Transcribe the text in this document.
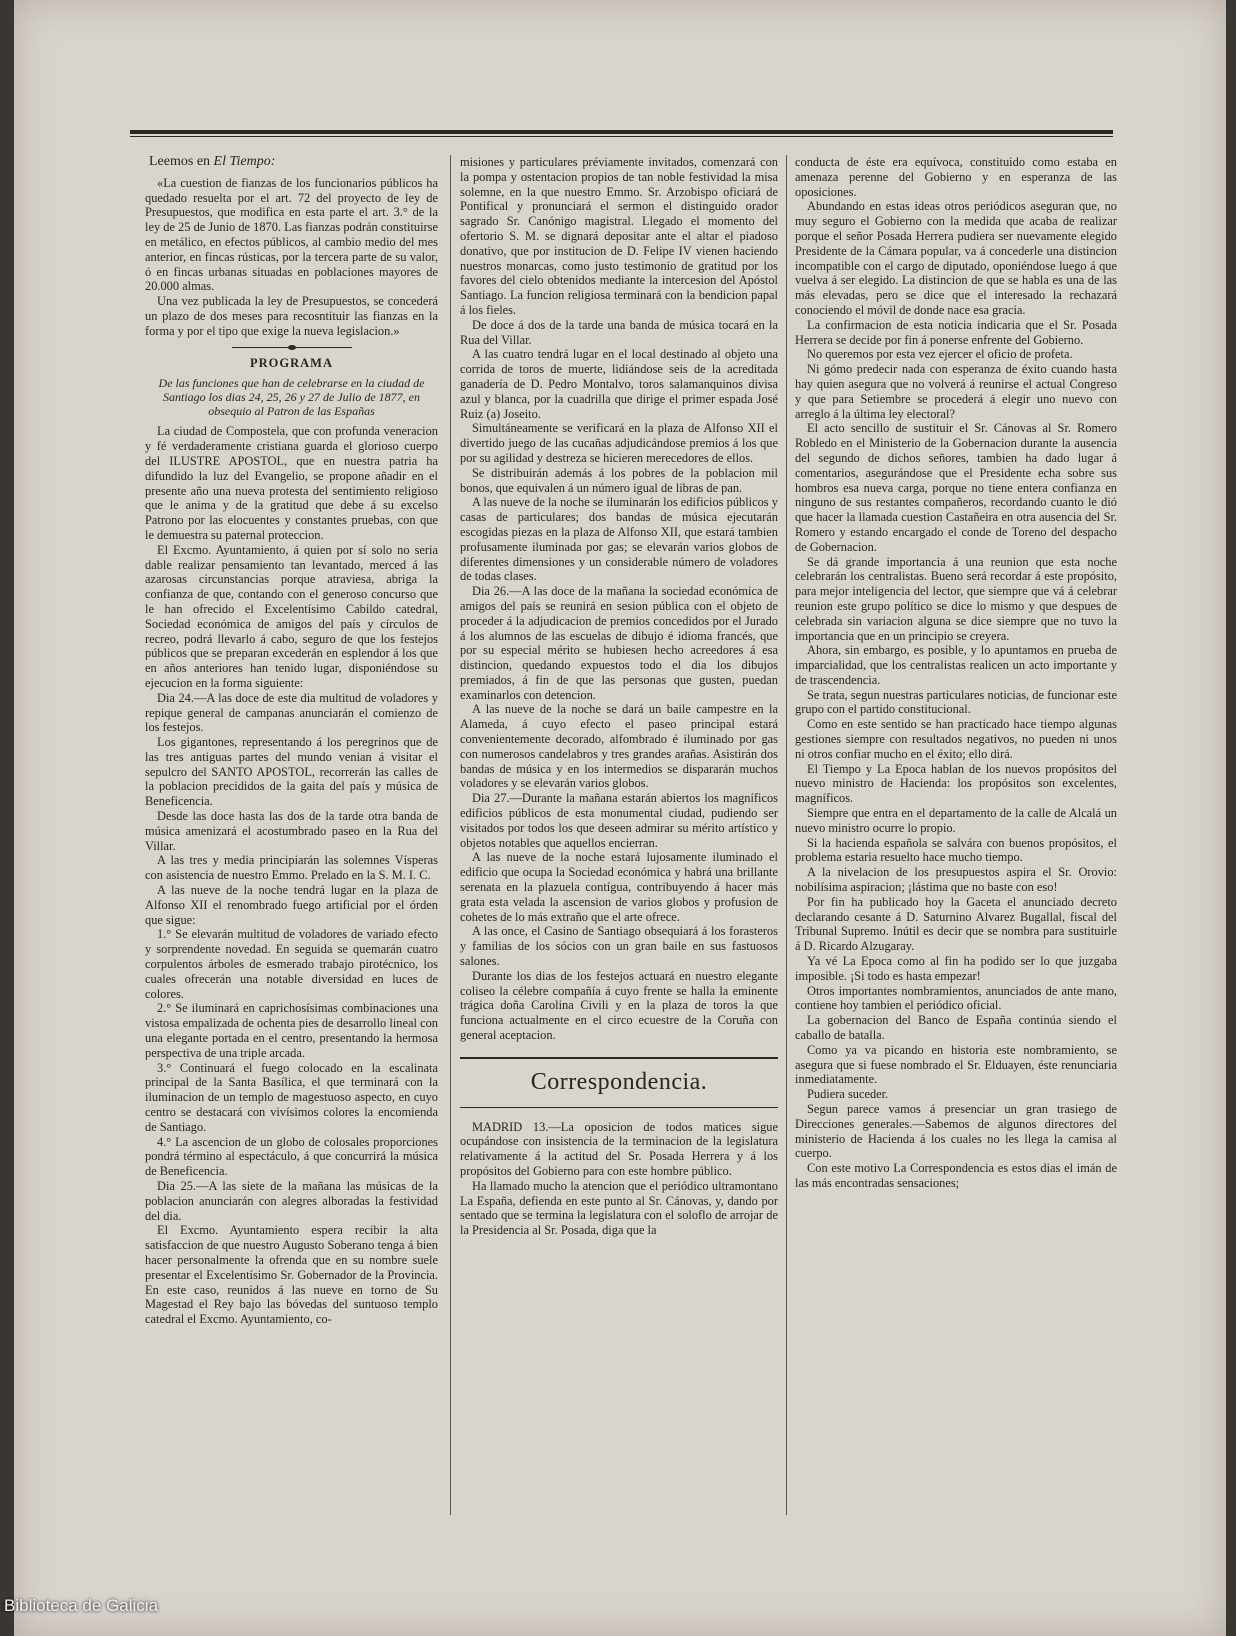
Leemos en El Tiempo:

«La cuestion de fianzas de los funcionarios públicos ha quedado resuelta por el art. 72 del proyecto de ley de Presupuestos, que modifica en esta parte el art. 3.° de la ley de 25 de Junio de 1870. Las fianzas podrán constituirse en metálico, en efectos públicos, al cambio medio del mes anterior, en fincas rústicas, por la tercera parte de su valor, ó en fincas urbanas situadas en poblaciones mayores de 20.000 almas.

Una vez publicada la ley de Presupuestos, se concederá un plazo de dos meses para recosntituir las fianzas en la forma y por el tipo que exige la nueva legislacion.»

PROGRAMA

De las funciones que han de celebrarse en la ciudad de Santiago los dias 24, 25, 26 y 27 de Julio de 1877, en obsequio al Patron de las Españas

La ciudad de Compostela, que con profunda veneracion y fé verdaderamente cristiana guarda el glorioso cuerpo del ILUSTRE APOSTOL, que en nuestra patria ha difundido la luz del Evangelio, se propone añadir en el presente año una nueva protesta del sentimiento religioso que le anima y de la gratitud que debe á su excelso Patrono por las elocuentes y constantes pruebas, con que le demuestra su paternal proteccion.

El Excmo. Ayuntamiento, á quien por sí solo no seria dable realizar pensamiento tan levantado, merced á las azarosas circunstancias porque atraviesa, abriga la confianza de que, contando con el generoso concurso que le han ofrecido el Excelentísimo Cabildo catedral, Sociedad económica de amigos del país y círculos de recreo, podrá llevarlo á cabo, seguro de que los festejos públicos que se preparan excederán en esplendor á los que en años anteriores han tenido lugar, disponiéndose su ejecucion en la forma siguiente:

Dia 24.—A las doce de este dia multitud de voladores y repique general de campanas anunciarán el comienzo de los festejos.

Los gigantones, representando á los peregrinos que de las tres antiguas partes del mundo venian á visitar el sepulcro del SANTO APOSTOL, recorrerán las calles de la poblacion precididos de la gaita del país y música de Beneficencia.

Desde las doce hasta las dos de la tarde otra banda de música amenizará el acostumbrado paseo en la Rua del Villar.

A las tres y media principiarán las solemnes Vísperas con asistencia de nuestro Emmo. Prelado en la S. M. I. C.

A las nueve de la noche tendrá lugar en la plaza de Alfonso XII el renombrado fuego artificial por el órden que sigue:

1.° Se elevarán multitud de voladores de variado efecto y sorprendente novedad. En seguida se quemarán cuatro corpulentos árboles de esmerado trabajo pirotécnico, los cuales ofrecerán una notable diversidad en luces de colores.

2.° Se iluminará en caprichosísimas combinaciones una vistosa empalizada de ochenta pies de desarrollo lineal con una elegante portada en el centro, presentando la hermosa perspectiva de una triple arcada.

3.° Continuará el fuego colocado en la escalinata principal de la Santa Basílica, el que terminará con la iluminacion de un templo de magestuoso aspecto, en cuyo centro se destacará con vivísimos colores la encomienda de Santiago.

4.° La ascencion de un globo de colosales proporciones pondrá término al espectáculo, á que concurrirá la música de Beneficencia.

Dia 25.—A las siete de la mañana las músicas de la poblacion anunciarán con alegres alboradas la festividad del dia.

El Excmo. Ayuntamiento espera recibir la alta satisfaccion de que nuestro Augusto Soberano tenga á bien hacer personalmente la ofrenda que en su nombre suele presentar el Excelentísimo Sr. Gobernador de la Provincia. En este caso, reunidos á las nueve en torno de Su Magestad el Rey bajo las bóvedas del suntuoso templo catedral el Excmo. Ayuntamiento, co-

misiones y particulares préviamente invitados, comenzará con la pompa y ostentacion propios de tan noble festividad la misa solemne, en la que nuestro Emmo. Sr. Arzobispo oficiará de Pontifical y pronunciará el sermon el distinguido orador sagrado Sr. Canónigo magistral. Llegado el momento del ofertorio S. M. se dignará depositar ante el altar el piadoso donativo, que por institucion de D. Felipe IV vienen haciendo nuestros monarcas, como justo testimonio de gratitud por los favores del cielo obtenidos mediante la intercesion del Apóstol Santiago. La funcion religiosa terminará con la bendicion papal á los fieles.

De doce á dos de la tarde una banda de música tocará en la Rua del Villar.

A las cuatro tendrá lugar en el local destinado al objeto una corrida de toros de muerte, lidiándose seis de la acreditada ganadería de D. Pedro Montalvo, toros salamanquinos divisa azul y blanca, por la cuadrilla que dirige el primer espada José Ruiz (a) Joseito.

Simultáneamente se verificará en la plaza de Alfonso XII el divertido juego de las cucañas adjudicándose premios á los que por su agilidad y destreza se hicieren merecedores de ellos.

Se distribuirán además á los pobres de la poblacion mil bonos, que equivalen á un número igual de libras de pan.

A las nueve de la noche se iluminarán los edificios públicos y casas de particulares; dos bandas de música ejecutarán escogidas piezas en la plaza de Alfonso XII, que estará tambien profusamente iluminada por gas; se elevarán varios globos de diferentes dimensiones y un considerable número de voladores de todas clases.

Dia 26.—A las doce de la mañana la sociedad económica de amigos del país se reunirá en sesion pública con el objeto de proceder á la adjudicacion de premios concedidos por el Jurado á los alumnos de las escuelas de dibujo é idioma francés, que por su especial mérito se hubiesen hecho acreedores á esa distincion, quedando expuestos todo el dia los dibujos premiados, á fin de que las personas que gusten, puedan examinarlos con detencion.

A las nueve de la noche se dará un baile campestre en la Alameda, á cuyo efecto el paseo principal estará convenientemente decorado, alfombrado é iluminado por gas con numerosos candelabros y tres grandes arañas. Asistirán dos bandas de música y en los intermedios se dispararán muchos voladores y se elevarán varios globos.

Dia 27.—Durante la mañana estarán abiertos los magníficos edificios públicos de esta monumental ciudad, pudiendo ser visitados por todos los que deseen admirar su mérito artístico y objetos notables que aquellos encierran.

A las nueve de la noche estará lujosamente iluminado el edificio que ocupa la Sociedad económica y habrá una brillante serenata en la plazuela contígua, contribuyendo á hacer más grata esta velada la ascension de varios globos y profusion de cohetes de lo más extraño que el arte ofrece.

A las once, el Casino de Santiago obsequiará á los forasteros y familias de los sócios con un gran baile en sus fastuosos salones.

Durante los dias de los festejos actuará en nuestro elegante coliseo la célebre compañía á cuyo frente se halla la eminente trágica doña Carolina Civili y en la plaza de toros la que funciona actualmente en el circo ecuestre de la Coruña con general aceptacion.

Correspondencia.

MADRID 13.—La oposicion de todos matices sigue ocupándose con insistencia de la terminacion de la legislatura relativamente á la actitud del Sr. Posada Herrera y á los propósitos del Gobierno para con este hombre público.

Ha llamado mucho la atencion que el periódico ultramontano La España, defienda en este punto al Sr. Cánovas, y, dando por sentado que se termina la legislatura con el soloflo de arrojar de la Presidencia al Sr. Posada, diga que la

conducta de éste era equívoca, constituido como estaba en amenaza perenne del Gobierno y en esperanza de las oposiciones.

Abundando en estas ideas otros periódicos aseguran que, no muy seguro el Gobierno con la medida que acaba de realizar porque el señor Posada Herrera pudiera ser nuevamente elegido Presidente de la Cámara popular, va á concederle una distincion incompatible con el cargo de diputado, oponiéndose luego á que vuelva á ser elegido. La distincion de que se habla es una de las más elevadas, pero se dice que el interesado la rechazará conociendo el móvil de donde nace esa gracia.

La confirmacion de esta noticia indicaria que el Sr. Posada Herrera se decide por fin á ponerse enfrente del Gobierno.

No queremos por esta vez ejercer el oficio de profeta.

Ni gómo predecir nada con esperanza de éxito cuando hasta hay quien asegura que no volverá á reunirse el actual Congreso y que para Setiembre se procederá á elegir uno nuevo con arreglo á la última ley electoral?

El acto sencillo de sustituir el Sr. Cánovas al Sr. Romero Robledo en el Ministerio de la Gobernacion durante la ausencia del segundo de dichos señores, tambien ha dado lugar á comentarios, asegurándose que el Presidente echa sobre sus hombros esa nueva carga, porque no tiene entera confianza en ninguno de sus restantes compañeros, recordando cuanto le dió que hacer la llamada cuestion Castañeira en otra ausencia del Sr. Romero y estando encargado el conde de Toreno del despacho de Gobernacion.

Se dá grande importancia á una reunion que esta noche celebrarán los centralistas. Bueno será recordar á este propósito, para mejor inteligencia del lector, que siempre que vá á celebrar reunion este grupo político se dice lo mismo y que despues de celebrada sin variacion alguna se dice siempre que no tuvo la importancia que en un principio se creyera.

Ahora, sin embargo, es posible, y lo apuntamos en prueba de imparcialidad, que los centralistas realicen un acto importante y de trascendencia.

Se trata, segun nuestras particulares noticias, de funcionar este grupo con el partido constitucional.

Como en este sentido se han practicado hace tiempo algunas gestiones siempre con resultados negativos, no pueden ni unos ni otros confiar mucho en el éxito; ello dirá.

El Tiempo y La Epoca hablan de los nuevos propósitos del nuevo ministro de Hacienda: los propósitos son excelentes, magníficos.

Siempre que entra en el departamento de la calle de Alcalá un nuevo ministro ocurre lo propio.

Si la hacienda española se salvára con buenos propósitos, el problema estaria resuelto hace mucho tiempo.

A la nivelacion de los presupuestos aspira el Sr. Orovio: nobilísima aspiracion; ¡lástima que no baste con eso!

Por fin ha publicado hoy la Gaceta el anunciado decreto declarando cesante á D. Saturnino Alvarez Bugallal, fiscal del Tribunal Supremo. Inútil es decir que se nombra para sustituirle á D. Ricardo Alzugaray.

Ya vé La Epoca como al fin ha podido ser lo que juzgaba imposible. ¡Si todo es hasta empezar!

Otros importantes nombramientos, anunciados de ante mano, contiene hoy tambien el periódico oficial.

La gobernacion del Banco de España continúa siendo el caballo de batalla.

Como ya va picando en historia este nombramiento, se asegura que si fuese nombrado el Sr. Elduayen, éste renunciaria inmediatamente.

Pudiera suceder.

Segun parece vamos á presenciar un gran trasiego de Direcciones generales.—Sabemos de algunos directores del ministerio de Hacienda á los cuales no les llega la camisa al cuerpo.

Con este motivo La Correspondencia es estos dias el imán de las más encontradas sensaciones;

Biblioteca de Galicia
